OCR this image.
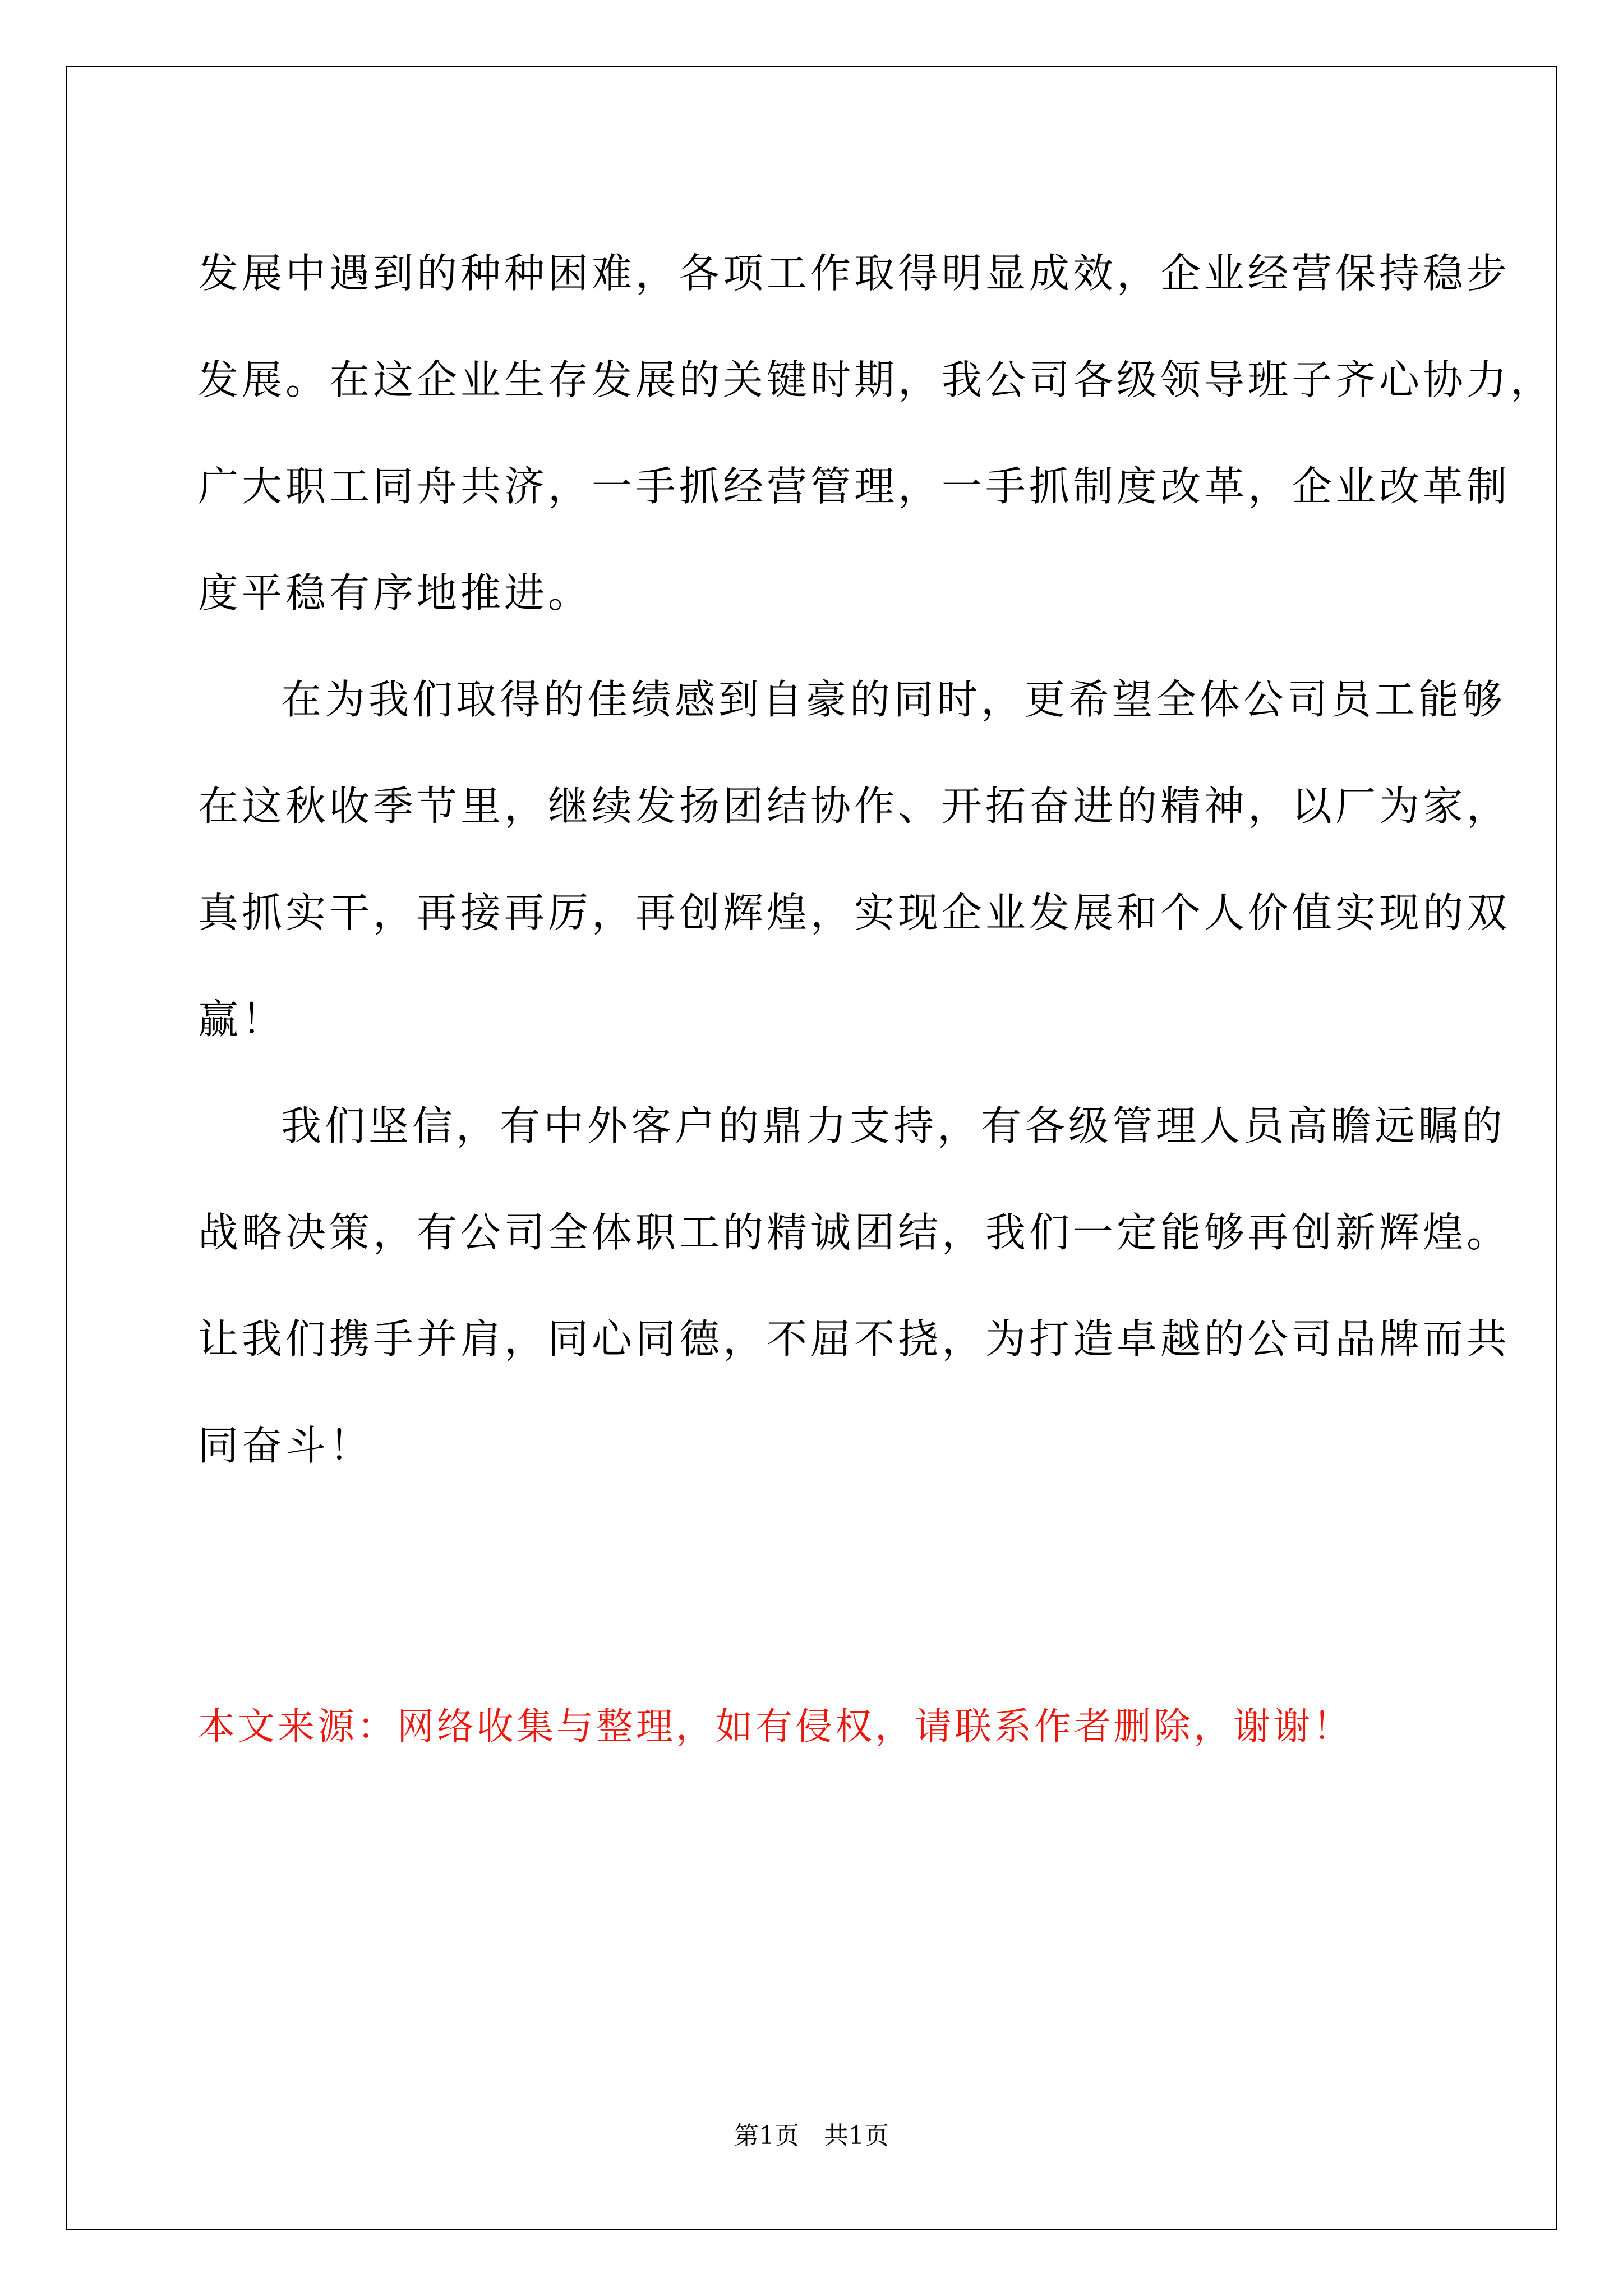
发展中遇到的种种困难，各项工作取得明显成效，企业经营保持稳步
发展。在这企业生存发展的关键时期，我公司各级领导班子齐心协力，
广大职工同舟共济，一手抓经营管理，一手抓制度改革，企业改革制
度平稳有序地推进。
在为我们取得的佳绩感到自豪的同时，更希望全体公司员工能够
在这秋收季节里，继续发扬团结协作、开拓奋进的精神，以厂为家，
真抓实干，再接再厉，再创辉煌，实现企业发展和个人价值实现的双
赢！
我们坚信，有中外客户的鼎力支持，有各级管理人员高瞻远瞩的
战略决策，有公司全体职工的精诚团结，我们一定能够再创新辉煌。
让我们携手并肩，同心同德，不屈不挠，为打造卓越的公司品牌而共
同奋斗！
本文来源：网络收集与整理，如有侵权，请联系作者删除，谢谢！
第1页　共1页
